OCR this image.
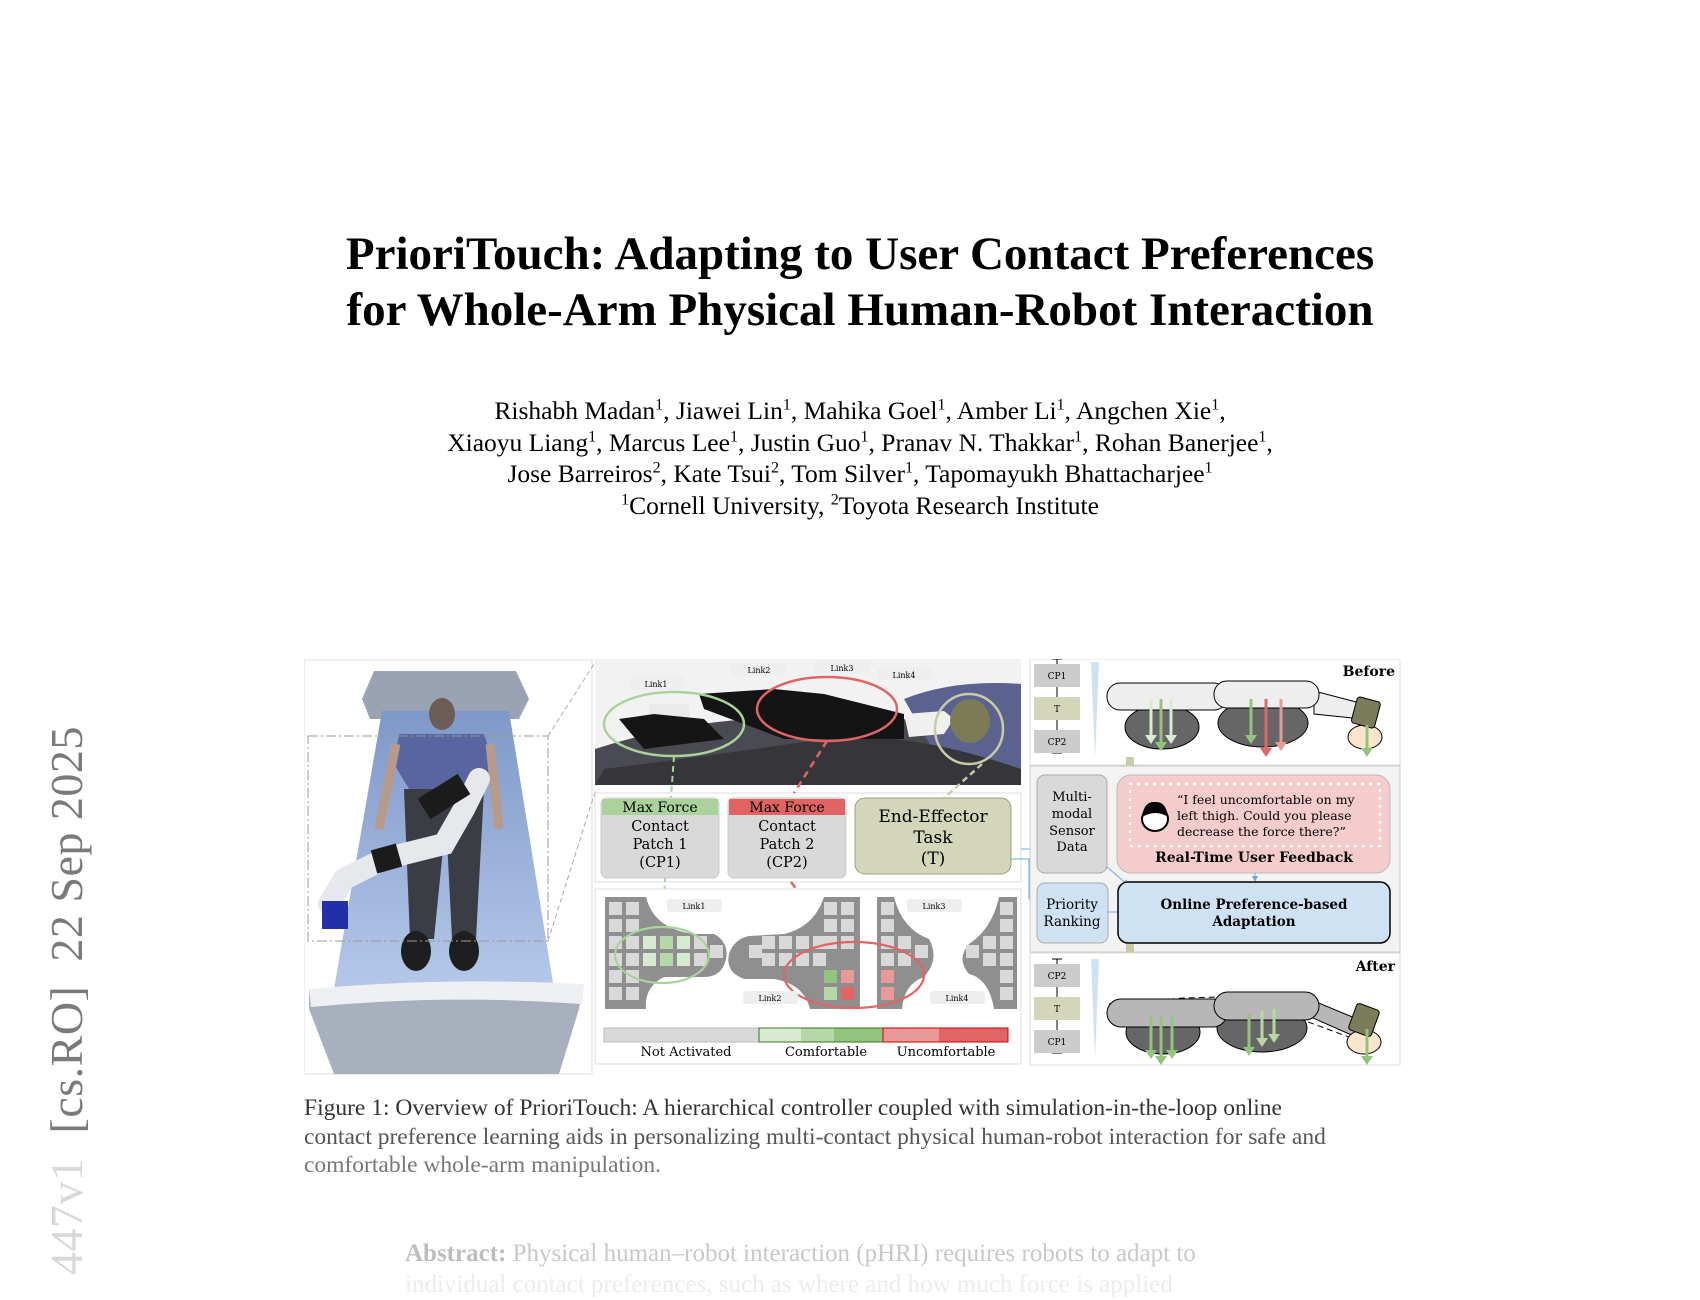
447v1  [cs.RO]  22 Sep 2025
PrioriTouch: Adapting to User Contact Preferences
for Whole-Arm Physical Human-Robot Interaction
Rishabh Madan$^1$, Jiawei Lin$^1$, Mahika Goel$^1$, Amber Li$^1$, Angchen Xie$^1$,
Xiaoyu Liang$^1$, Marcus Lee$^1$, Justin Guo$^1$, Pranav N. Thakkar$^1$, Rohan Banerjee$^1$,
Jose Barreiros$^2$, Kate Tsui$^2$, Tom Silver$^1$, Tapomayukh Bhattacharjee$^1$
$^1$Cornell University, $^2$Toyota Research Institute
Link1
Link2	Link3
Link4
Max Force
Contact
Patch 1
(CP1)
Max Force
Contact
Patch 2
(CP2)
End-Effector
Task
(T)
Link1
Link2
Link3
Link4
Not Activated	Comfortable Uncomfortable
CP1
T
CP2
Before
Multi-
modal
Sensor
Data
“I feel uncomfortable on my
left thigh. Could you please
decrease the force there?”
Real-Time User Feedback
Priority
Ranking
Online Preference-based
Adaptation
CP2
T
CP1
After
Figure 1: Overview of PrioriTouch: A hierarchical controller coupled with simulation-in-the-loop online
contact preference learning aids in personalizing multi-contact physical human-robot interaction for safe and
comfortable whole-arm manipulation.
Abstract: Physical human–robot interaction (pHRI) requires robots to adapt to
individual contact preferences, such as where and how much force is applied
